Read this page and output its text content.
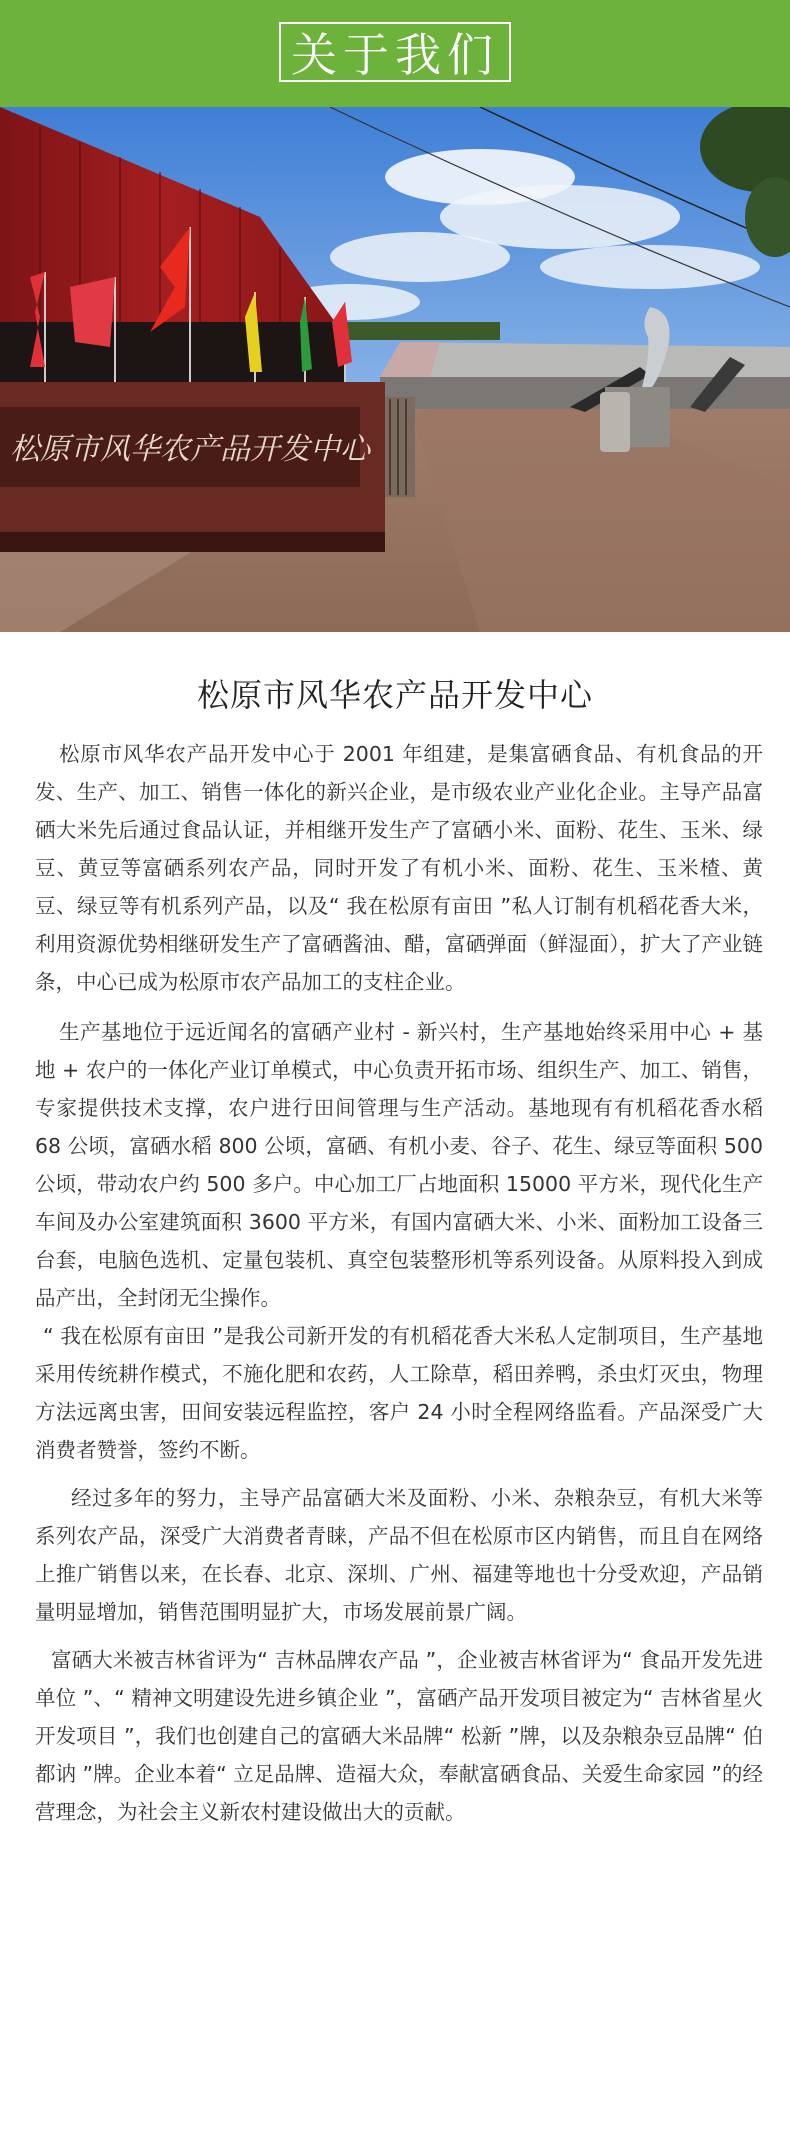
关于我们
松原市风华农产品开发中心
松原市风华农产品开发中心

松原市风华农产品开发中心于 2001 年组建，是集富硒食品、有机食品的开发、生产、加工、销售一体化的新兴企业，是市级农业产业化企业。主导产品富硒大米先后通过食品认证，并相继开发生产了富硒小米、面粉、花生、玉米、绿豆、黄豆等富硒系列农产品，同时开发了有机小米、面粉、花生、玉米楂、黄豆、绿豆等有机系列产品，以及“ 我在松原有亩田 ”私人订制有机稻花香大米，利用资源优势相继研发生产了富硒酱油、醋，富硒弹面（鲜湿面），扩大了产业链条，中心已成为松原市农产品加工的支柱企业。

生产基地位于远近闻名的富硒产业村 - 新兴村，生产基地始终采用中心 + 基地 + 农户的一体化产业订单模式，中心负责开拓市场、组织生产、加工、销售，专家提供技术支撑，农户进行田间管理与生产活动。基地现有有机稻花香水稻 68 公顷，富硒水稻 800 公顷，富硒、有机小麦、谷子、花生、绿豆等面积 500 公顷，带动农户约 500 多户。中心加工厂占地面积 15000 平方米，现代化生产车间及办公室建筑面积 3600 平方米，有国内富硒大米、小米、面粉加工设备三台套，电脑色选机、定量包装机、真空包装整形机等系列设备。从原料投入到成品产出，全封闭无尘操作。

“ 我在松原有亩田 ”是我公司新开发的有机稻花香大米私人定制项目，生产基地采用传统耕作模式，不施化肥和农药，人工除草，稻田养鸭，杀虫灯灭虫，物理方法远离虫害，田间安装远程监控，客户 24 小时全程网络监看。产品深受广大消费者赞誉，签约不断。

经过多年的努力，主导产品富硒大米及面粉、小米、杂粮杂豆，有机大米等系列农产品，深受广大消费者青睐，产品不但在松原市区内销售，而且自在网络上推广销售以来，在长春、北京、深圳、广州、福建等地也十分受欢迎，产品销量明显增加，销售范围明显扩大，市场发展前景广阔。

富硒大米被吉林省评为“ 吉林品牌农产品 ”，企业被吉林省评为“ 食品开发先进单位 ”、“ 精神文明建设先进乡镇企业 ”，富硒产品开发项目被定为“ 吉林省星火开发项目 ”，我们也创建自己的富硒大米品牌“ 松新 ”牌，以及杂粮杂豆品牌“ 伯都讷 ”牌。企业本着“ 立足品牌、造福大众，奉献富硒食品、关爱生命家园 ”的经营理念，为社会主义新农村建设做出大的贡献。
